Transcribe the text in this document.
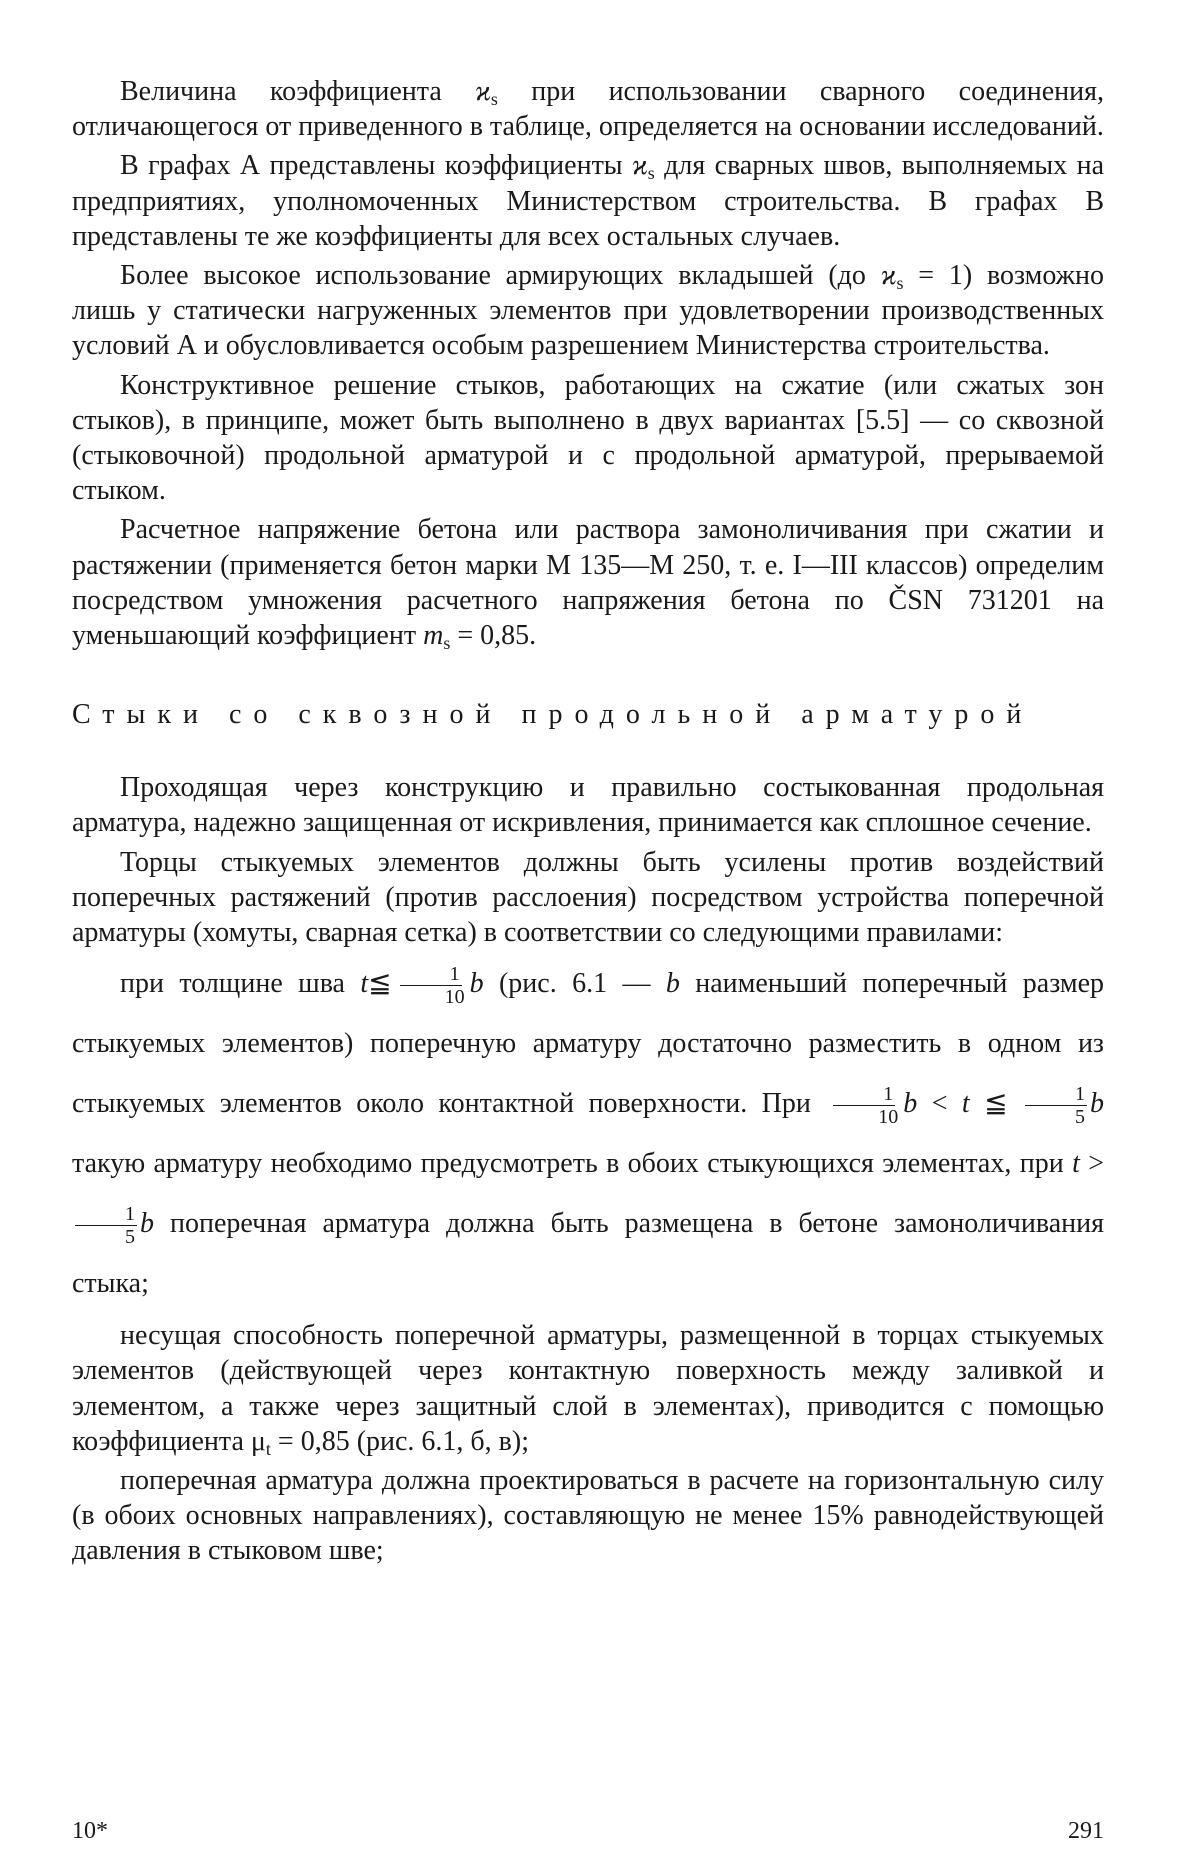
Величина коэффициента $ϰ_s$ при использовании сварного соединения, отличающегося от приведенного в таблице, определяется на основании исследований.

В графах А представлены коэффициенты $ϰ_s$ для сварных швов, выполняемых на предприятиях, уполномоченных Министерством строительства. В графах В представлены те же коэффициенты для всех остальных случаев.

Более высокое использование армирующих вкладышей (до $ϰ_s = 1$) возможно лишь у статически нагруженных элементов при удовлетворении производственных условий А и обусловливается особым разрешением Министерства строительства.

Конструктивное решение стыков, работающих на сжатие (или сжатых зон стыков), в принципе, может быть выполнено в двух вариантах [5.5] — со сквозной (стыковочной) продольной арматурой и с продольной арматурой, прерываемой стыком.

Расчетное напряжение бетона или раствора замоноличивания при сжатии и растяжении (применяется бетон марки М 135—М 250, т. е. I—III классов) определим посредством умножения расчетного напряжения бетона по ČSN 731201 на уменьшающий коэффициент $m_s = 0,85$.

Стыки со сквозной продольной арматурой

Проходящая через конструкцию и правильно состыкованная продольная арматура, надежно защищенная от искривления, принимается как сплошное сечение.

Торцы стыкуемых элементов должны быть усилены против воздействий поперечных растяжений (против расслоения) посредством устройства поперечной арматуры (хомуты, сварная сетка) в соответствии со следующими правилами:

при толщине шва t≦ $\frac{1}{10}$ b (рис. 6.1 — b наименьший поперечный размер стыкуемых элементов) поперечную арматуру достаточно разместить в одном из стыкуемых элементов около контактной поверхности. При $\frac{1}{10}$ b < t ≦ $\frac{1}{5}$ b такую арматуру необходимо предусмотреть в обоих стыкующихся элементах, при t >
$\frac{1}{5}$ b поперечная арматура должна быть размещена в бетоне замоноличивания стыка;

несущая способность поперечной арматуры, размещенной в торцах стыкуемых элементов (действующей через контактную поверхность между заливкой и элементом, а также через защитный слой в элементах), приводится с помощью коэффициента $\mu_t = 0,85$ (рис. 6.1, б, в);

поперечная арматура должна проектироваться в расчете на горизонтальную силу (в обоих основных направлениях), составляющую не менее 15% равнодействующей давления в стыковом шве;

10*	291
